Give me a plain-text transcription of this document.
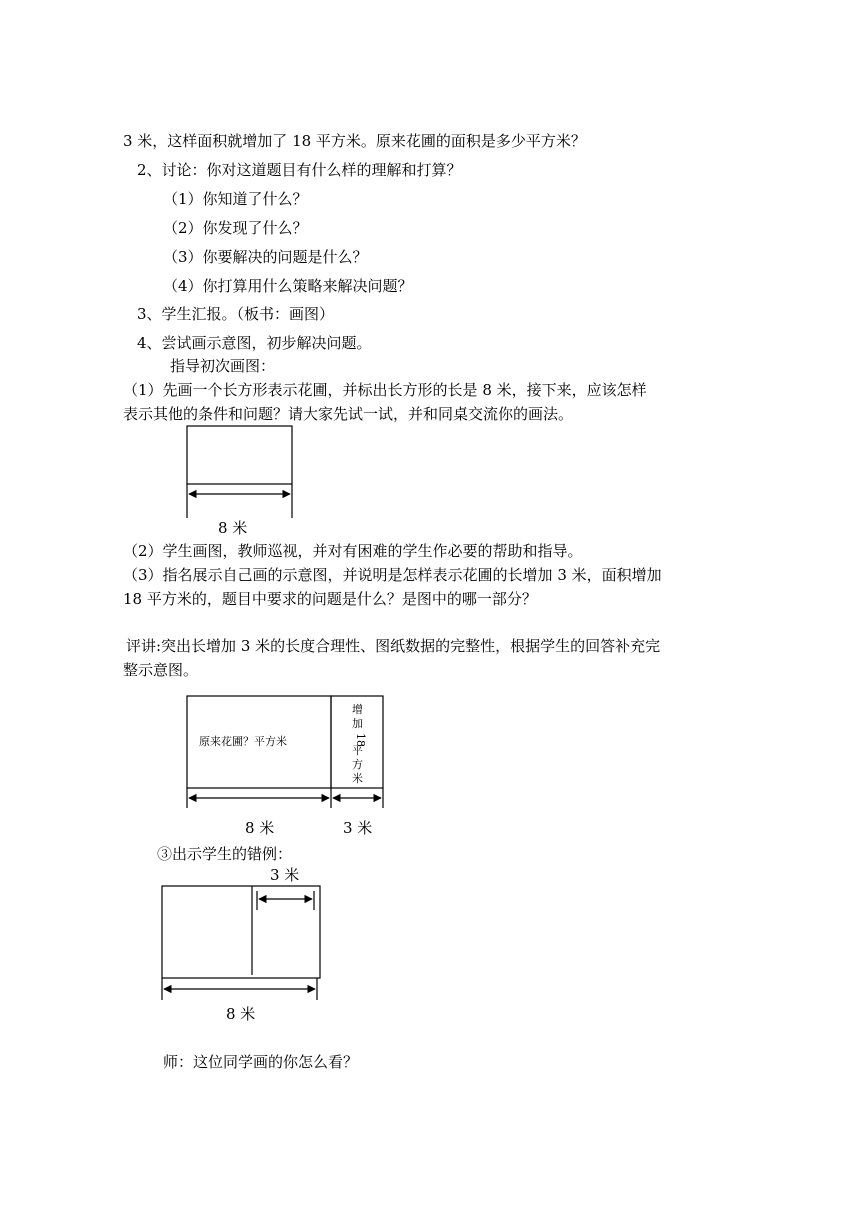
3 米，这样面积就增加了 18 平方米。原来花圃的面积是多少平方米？
2、讨论：你对这道题目有什么样的理解和打算？
（1）你知道了什么？
（2）你发现了什么？
（3）你要解决的问题是什么？
（4）你打算用什么策略来解决问题？
3、学生汇报。（板书：画图）
4、尝试画示意图，初步解决问题。
指导初次画图：
（1）先画一个长方形表示花圃，并标出长方形的长是 8 米，接下来，应该怎样
表示其他的条件和问题？请大家先试一试，并和同桌交流你的画法。
（2）学生画图，教师巡视，并对有困难的学生作必要的帮助和指导。
（3）指名展示自己画的示意图，并说明是怎样表示花圃的长增加 3 米，面积增加
18 平方米的，题目中要求的问题是什么？是图中的哪一部分？
评讲:突出长增加 3 米的长度合理性、图纸数据的完整性，根据学生的回答补充完
整示意图。
③出示学生的错例：
师：这位同学画的你怎么看？
8 米
原来花圃？平方米
增
加
18
平
方
米
8 米	3 米
3 米
8 米
